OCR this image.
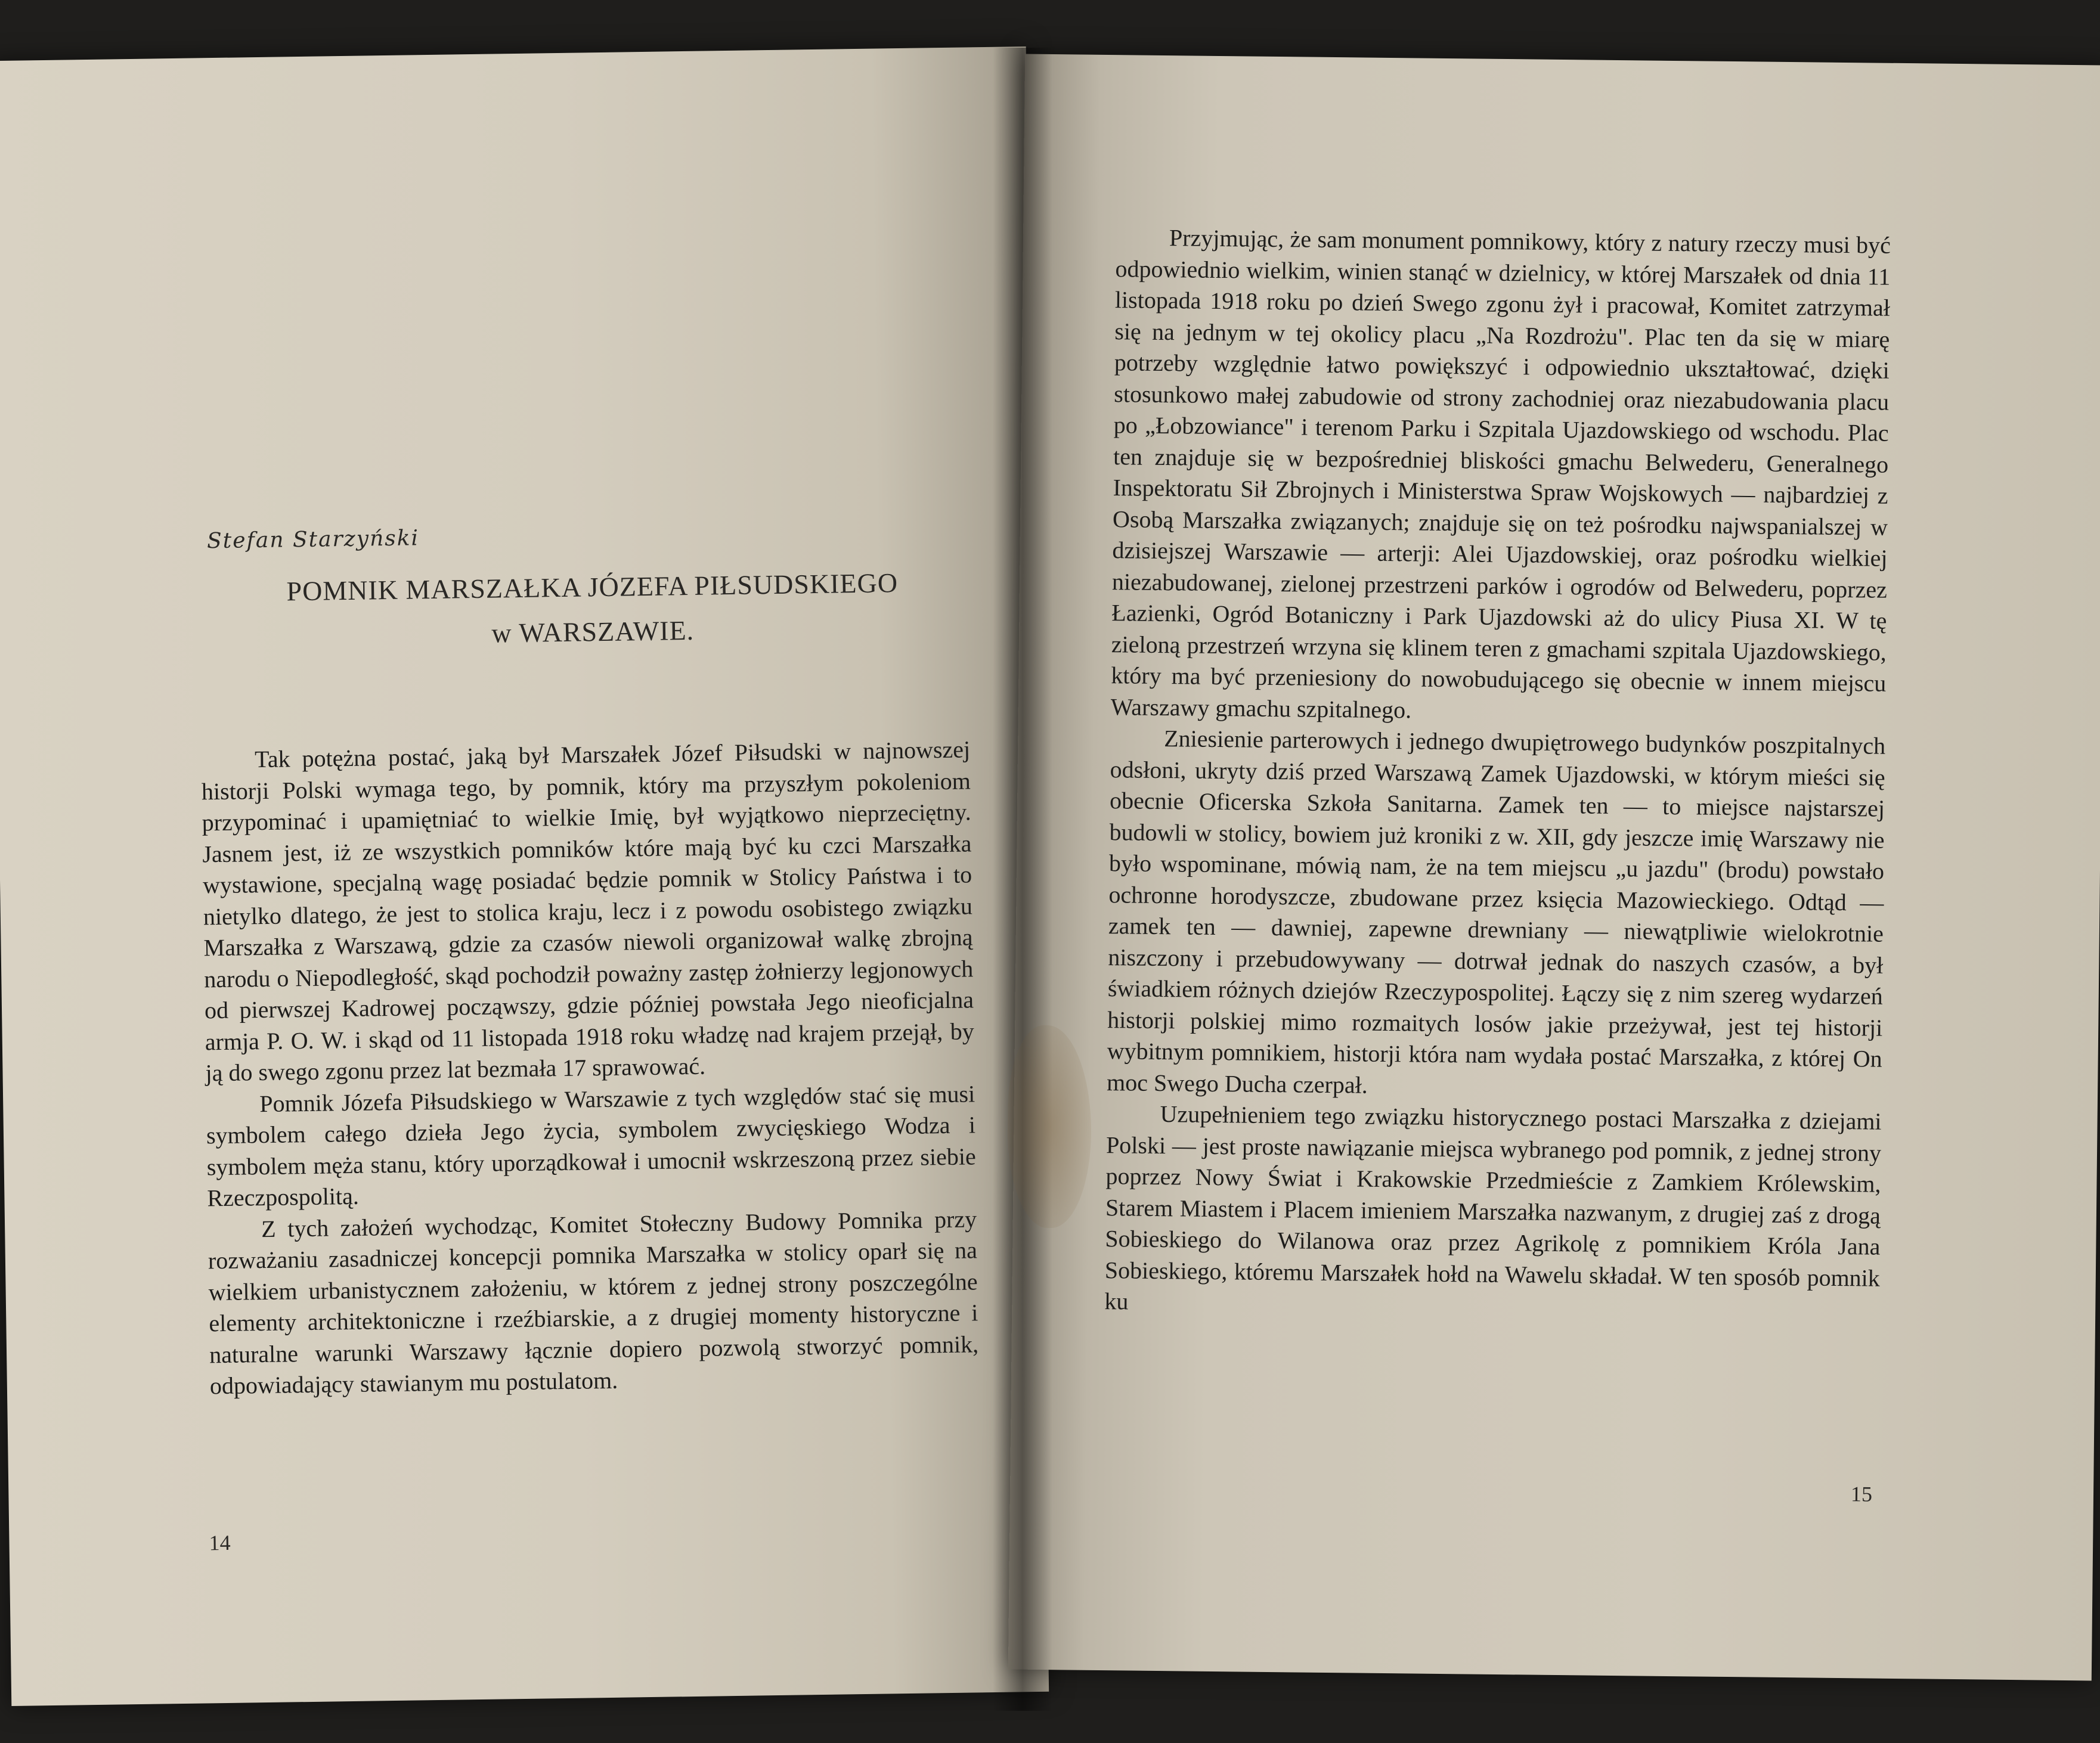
Stefan Starzyński
POMNIK MARSZAŁKA JÓZEFA PIŁSUDSKIEGO
w WARSZAWIE.

Tak potężna postać, jaką był Marszałek Józef Piłsudski w najnowszej historji Polski wymaga tego, by pomnik, który ma przyszłym pokoleniom przypominać i upamiętniać to wielkie Imię, był wyjątkowo nieprzeciętny. Jasnem jest, iż ze wszystkich pomników które mają być ku czci Marszałka wystawione, specjalną wagę posiadać będzie pomnik w Stolicy Państwa i to nietylko dlatego, że jest to stolica kraju, lecz i z powodu osobistego związku Marszałka z Warszawą, gdzie za czasów niewoli organizował walkę zbrojną narodu o Niepodległość, skąd pochodził poważny zastęp żołnierzy legjonowych od pierwszej Kadrowej począwszy, gdzie później powstała Jego nieoficjalna armja P. O. W. i skąd od 11 listopada 1918 roku władzę nad krajem przejął, by ją do swego zgonu przez lat bezmała 17 sprawować.

Pomnik Józefa Piłsudskiego w Warszawie z tych względów stać się musi symbolem całego dzieła Jego życia, symbolem zwycięskiego Wodza i symbolem męża stanu, który uporządkował i umocnił wskrzeszoną przez siebie Rzeczpospolitą.

Z tych założeń wychodząc, Komitet Stołeczny Budowy Pomnika przy rozważaniu zasadniczej koncepcji pomnika Marszałka w stolicy oparł się na wielkiem urbanistycznem założeniu, w którem z jednej strony poszczególne elementy architektoniczne i rzeźbiarskie, a z drugiej momenty historyczne i naturalne warunki Warszawy łącznie dopiero pozwolą stworzyć pomnik, odpowiadający stawianym mu postulatom.

14

Przyjmując, że sam monument pomnikowy, który z natury rzeczy musi być odpowiednio wielkim, winien stanąć w dzielnicy, w której Marszałek od dnia 11 listopada 1918 roku po dzień Swego zgonu żył i pracował, Komitet zatrzymał się na jednym w tej okolicy placu „Na Rozdrożu". Plac ten da się w miarę potrzeby względnie łatwo powiększyć i odpowiednio ukształtować, dzięki stosunkowo małej zabudowie od strony zachodniej oraz niezabudowania placu po „Łobzowiance" i terenom Parku i Szpitala Ujazdowskiego od wschodu. Plac ten znajduje się w bezpośredniej bliskości gmachu Belwederu, Generalnego Inspektoratu Sił Zbrojnych i Ministerstwa Spraw Wojskowych — najbardziej z Osobą Marszałka związanych; znajduje się on też pośrodku najwspanialszej w dzisiejszej Warszawie — arterji: Alei Ujazdowskiej, oraz pośrodku wielkiej niezabudowanej, zielonej przestrzeni parków i ogrodów od Belwederu, poprzez Łazienki, Ogród Botaniczny i Park Ujazdowski aż do ulicy Piusa XI. W tę zieloną przestrzeń wrzyna się klinem teren z gmachami szpitala Ujazdowskiego, który ma być przeniesiony do nowobudującego się obecnie w innem miejscu Warszawy gmachu szpitalnego.

Zniesienie parterowych i jednego dwupiętrowego budynków poszpitalnych odsłoni, ukryty dziś przed Warszawą Zamek Ujazdowski, w którym mieści się obecnie Oficerska Szkoła Sanitarna. Zamek ten — to miejsce najstarszej budowli w stolicy, bowiem już kroniki z w. XII, gdy jeszcze imię Warszawy nie było wspominane, mówią nam, że na tem miejscu „u jazdu" (brodu) powstało ochronne horodyszcze, zbudowane przez księcia Mazowieckiego. Odtąd — zamek ten — dawniej, zapewne drewniany — niewątpliwie wielokrotnie niszczony i przebudowywany — dotrwał jednak do naszych czasów, a był świadkiem różnych dziejów Rzeczypospolitej. Łączy się z nim szereg wydarzeń historji polskiej mimo rozmaitych losów jakie przeżywał, jest tej historji wybitnym pomnikiem, historji która nam wydała postać Marszałka, z której On moc Swego Ducha czerpał.

Uzupełnieniem tego związku historycznego postaci Marszałka z dziejami Polski — jest proste nawiązanie miejsca wybranego pod pomnik, z jednej strony poprzez Nowy Świat i Krakowskie Przedmieście z Zamkiem Królewskim, Starem Miastem i Placem imieniem Marszałka nazwanym, z drugiej zaś z drogą Sobieskiego do Wilanowa oraz przez Agrikolę z pomnikiem Króla Jana Sobieskiego, któremu Marszałek hołd na Wawelu składał. W ten sposób pomnik ku

15
